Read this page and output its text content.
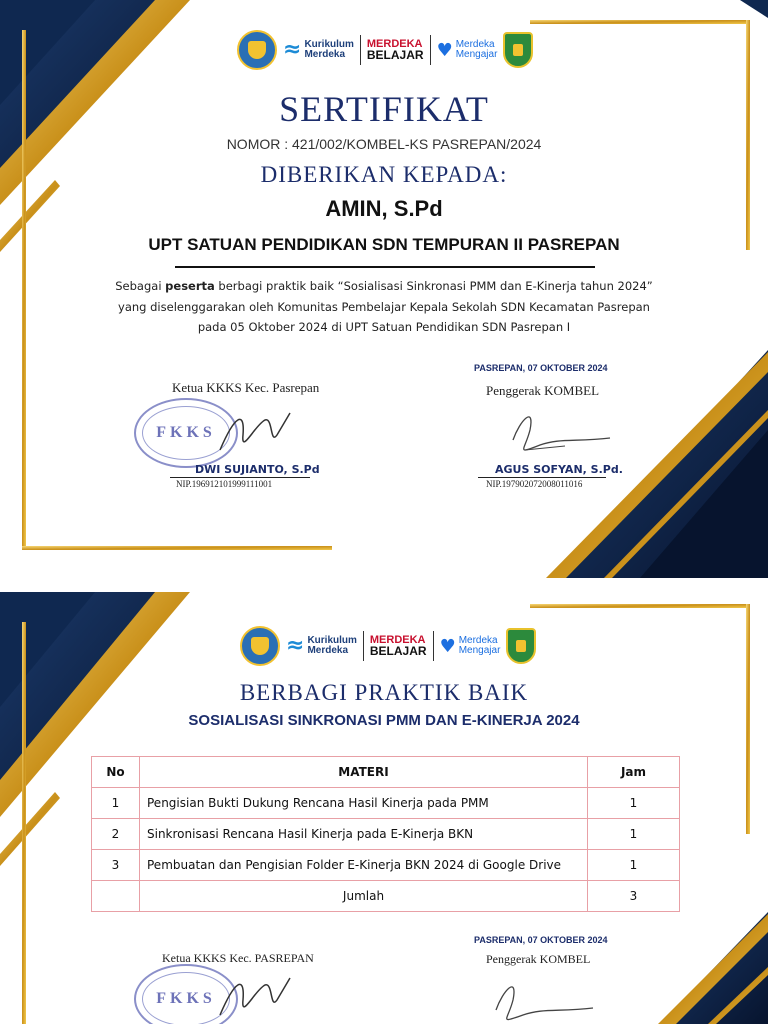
≈ Kurikulum
Merdeka
MERDEKA
BELAJAR ♥ Merdeka
Mengajar
SERTIFIKAT
NOMOR : 421/002/KOMBEL-KS PASREPAN/2024
DIBERIKAN KEPADA:
AMIN, S.Pd
UPT SATUAN PENDIDIKAN SDN TEMPURAN II PASREPAN
Sebagai peserta berbagi praktik baik “Sosialisasi Sinkronasi PMM dan E-Kinerja tahun 2024”
yang diselenggarakan oleh Komunitas Pembelajar Kepala Sekolah SDN Kecamatan Pasrepan
pada 05 Oktober 2024 di UPT Satuan Pendidikan SDN Pasrepan I
PASREPAN, 07 OKTOBER 2024
Ketua KKKS Kec. Pasrepan
FKKS
DWI SUJIANTO, S.Pd
NIP.196912101999111001
Penggerak KOMBEL
AGUS SOFYAN, S.Pd.
NIP.197902072008011016
≈ Kurikulum
Merdeka
MERDEKA
BELAJAR ♥ Merdeka
Mengajar
BERBAGI PRAKTIK BAIK
SOSIALISASI SINKRONASI PMM DAN E-KINERJA 2024
No	MATERI	Jam
1	Pengisian Bukti Dukung Rencana Hasil Kinerja pada PMM	1
2	Sinkronisasi Rencana Hasil Kinerja pada E-Kinerja BKN	1
3	Pembuatan dan Pengisian Folder E-Kinerja BKN 2024 di Google Drive	1
	Jumlah	3
PASREPAN, 07 OKTOBER 2024
Ketua KKKS Kec. PASREPAN	Penggerak KOMBEL
FKKS
